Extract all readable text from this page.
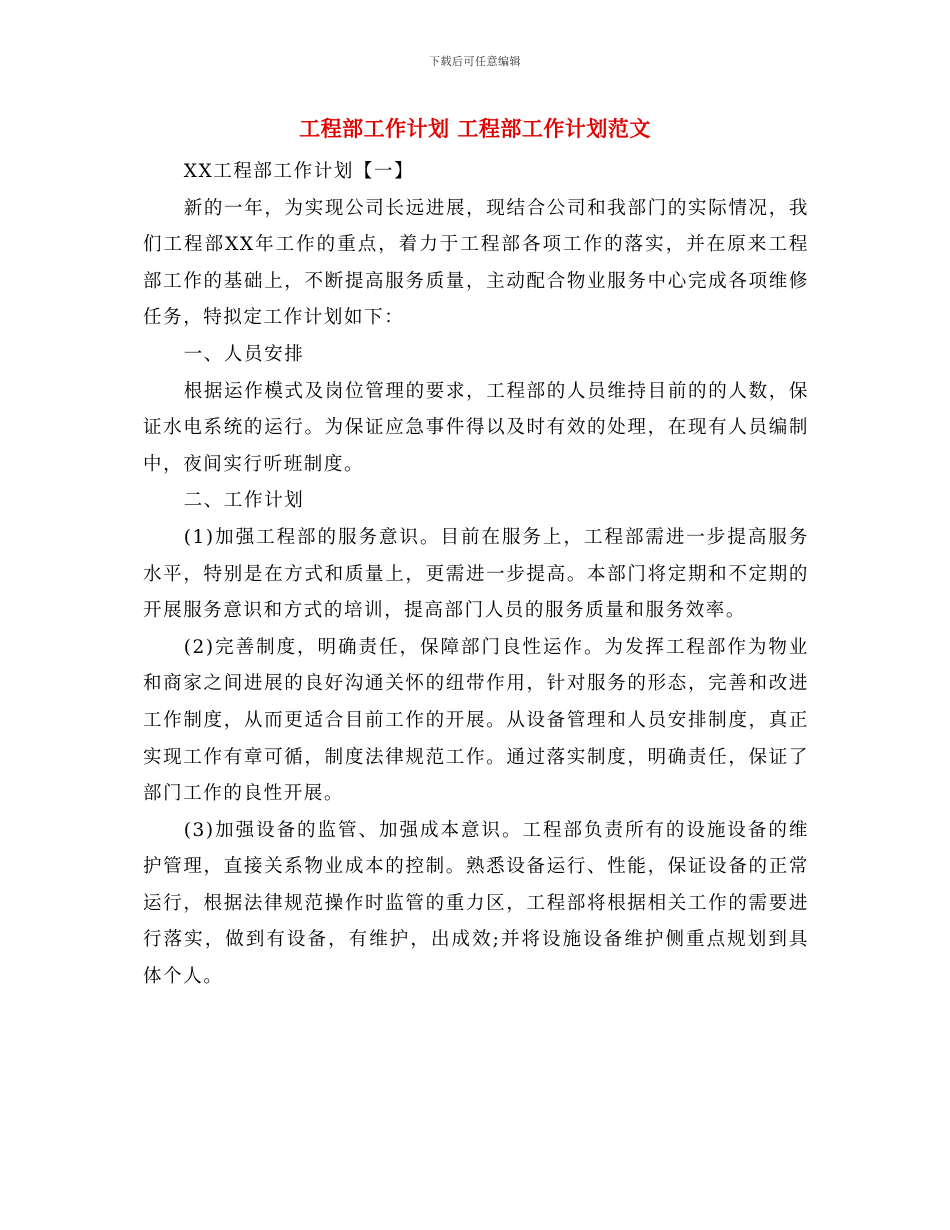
下载后可任意编辑
工程部工作计划 工程部工作计划范文

XX工程部工作计划【一】

新的一年，为实现公司长远进展，现结合公司和我部门的实际情况，我们工程部XX年工作的重点，着力于工程部各项工作的落实，并在原来工程部工作的基础上，不断提高服务质量，主动配合物业服务中心完成各项维修任务，特拟定工作计划如下：

一、人员安排

根据运作模式及岗位管理的要求，工程部的人员维持目前的的人数，保证水电系统的运行。为保证应急事件得以及时有效的处理，在现有人员编制中，夜间实行听班制度。

二、工作计划

(1)加强工程部的服务意识。目前在服务上，工程部需进一步提高服务水平，特别是在方式和质量上，更需进一步提高。本部门将定期和不定期的开展服务意识和方式的培训，提高部门人员的服务质量和服务效率。

(2)完善制度，明确责任，保障部门良性运作。为发挥工程部作为物业和商家之间进展的良好沟通关怀的纽带作用，针对服务的形态，完善和改进工作制度，从而更适合目前工作的开展。从设备管理和人员安排制度，真正实现工作有章可循，制度法律规范工作。通过落实制度，明确责任，保证了部门工作的良性开展。

(3)加强设备的监管、加强成本意识。工程部负责所有的设施设备的维护管理，直接关系物业成本的控制。熟悉设备运行、性能，保证设备的正常运行，根据法律规范操作时监管的重力区，工程部将根据相关工作的需要进行落实，做到有设备，有维护，出成效;并将设施设备维护侧重点规划到具体个人。
